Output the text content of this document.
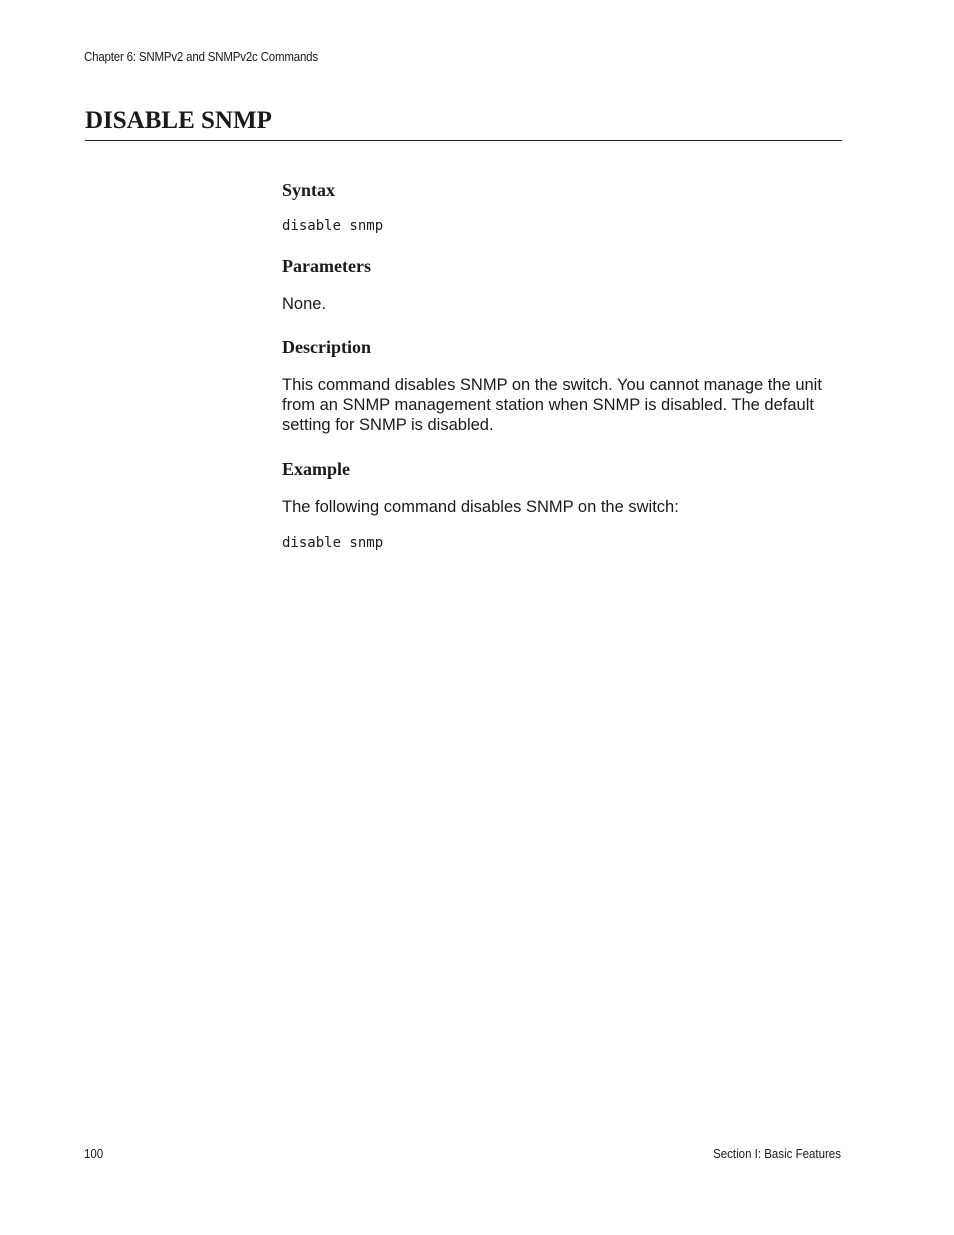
Chapter 6: SNMPv2 and SNMPv2c Commands
DISABLE SNMP
Syntax
disable snmp
Parameters

None.

Description

This command disables SNMP on the switch. You cannot manage the unit from an SNMP management station when SNMP is disabled. The default setting for SNMP is disabled.

Example

The following command disables SNMP on the switch:

disable snmp
100	Section I: Basic Features
